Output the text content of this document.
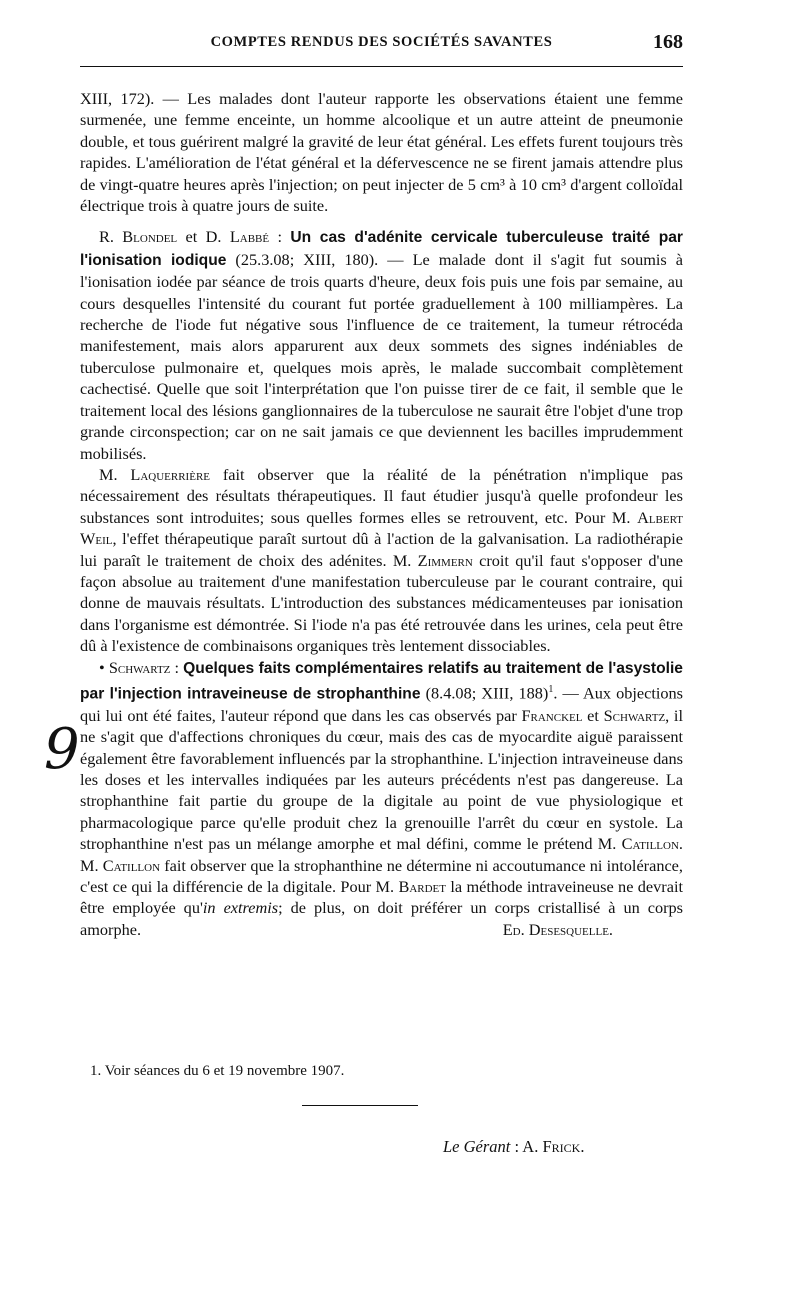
COMPTES RENDUS DES SOCIÉTÉS SAVANTES	168
9

XIII, 172). — Les malades dont l'auteur rapporte les observations étaient une femme surmenée, une femme enceinte, un homme alcoolique et un autre atteint de pneumonie double, et tous guérirent malgré la gravité de leur état général. Les effets furent toujours très rapides. L'amélioration de l'état général et la défervescence ne se firent jamais attendre plus de vingt-quatre heures après l'injection; on peut injecter de 5 cm³ à 10 cm³ d'argent colloïdal électrique trois à quatre jours de suite.

R. Blondel et D. Labbé : Un cas d'adénite cervicale tuberculeuse traité par l'ionisation iodique (25.3.08; XIII, 180). — Le malade dont il s'agit fut soumis à l'ionisation iodée par séance de trois quarts d'heure, deux fois puis une fois par semaine, au cours desquelles l'intensité du courant fut portée graduellement à 100 milliampères. La recherche de l'iode fut négative sous l'influence de ce traitement, la tumeur rétrocéda manifestement, mais alors apparurent aux deux sommets des signes indéniables de tuberculose pulmonaire et, quelques mois après, le malade succombait complètement cachectisé. Quelle que soit l'interprétation que l'on puisse tirer de ce fait, il semble que le traitement local des lésions ganglionnaires de la tuberculose ne saurait être l'objet d'une trop grande circonspection; car on ne sait jamais ce que deviennent les bacilles imprudemment mobilisés.

M. Laquerrière fait observer que la réalité de la pénétration n'implique pas nécessairement des résultats thérapeutiques. Il faut étudier jusqu'à quelle profondeur les substances sont introduites; sous quelles formes elles se retrouvent, etc. Pour M. Albert Weil, l'effet thérapeutique paraît surtout dû à l'action de la galvanisation. La radiothérapie lui paraît le traitement de choix des adénites. M. Zimmern croit qu'il faut s'opposer d'une façon absolue au traitement d'une manifestation tuberculeuse par le courant contraire, qui donne de mauvais résultats. L'introduction des substances médicamenteuses par ionisation dans l'organisme est démontrée. Si l'iode n'a pas été retrouvée dans les urines, cela peut être dû à l'existence de combinaisons organiques très lentement dissociables.

• Schwartz : Quelques faits complémentaires relatifs au traitement de l'asystolie par l'injection intraveineuse de strophanthine (8.4.08; XIII, 188)$^1$. — Aux objections qui lui ont été faites, l'auteur répond que dans les cas observés par Franckel et Schwartz, il ne s'agit que d'affections chroniques du cœur, mais des cas de myocardite aiguë paraissent également être favorablement influencés par la strophanthine. L'injection intraveineuse dans les doses et les intervalles indiquées par les auteurs précédents n'est pas dangereuse. La strophanthine fait partie du groupe de la digitale au point de vue physiologique et pharmacologique parce qu'elle produit chez la grenouille l'arrêt du cœur en systole. La strophanthine n'est pas un mélange amorphe et mal défini, comme le prétend M. Catillon. M. Catillon fait observer que la strophanthine ne détermine ni accoutumance ni intolérance, c'est ce qui la différencie de la digitale. Pour M. Bardet la méthode intraveineuse ne devrait être employée qu'in extremis; de plus, on doit préférer un corps cristallisé à un corps amorphe.	Ed. Desesquelle.

1. Voir séances du 6 et 19 novembre 1907.
Le Gérant : A. Frick.
